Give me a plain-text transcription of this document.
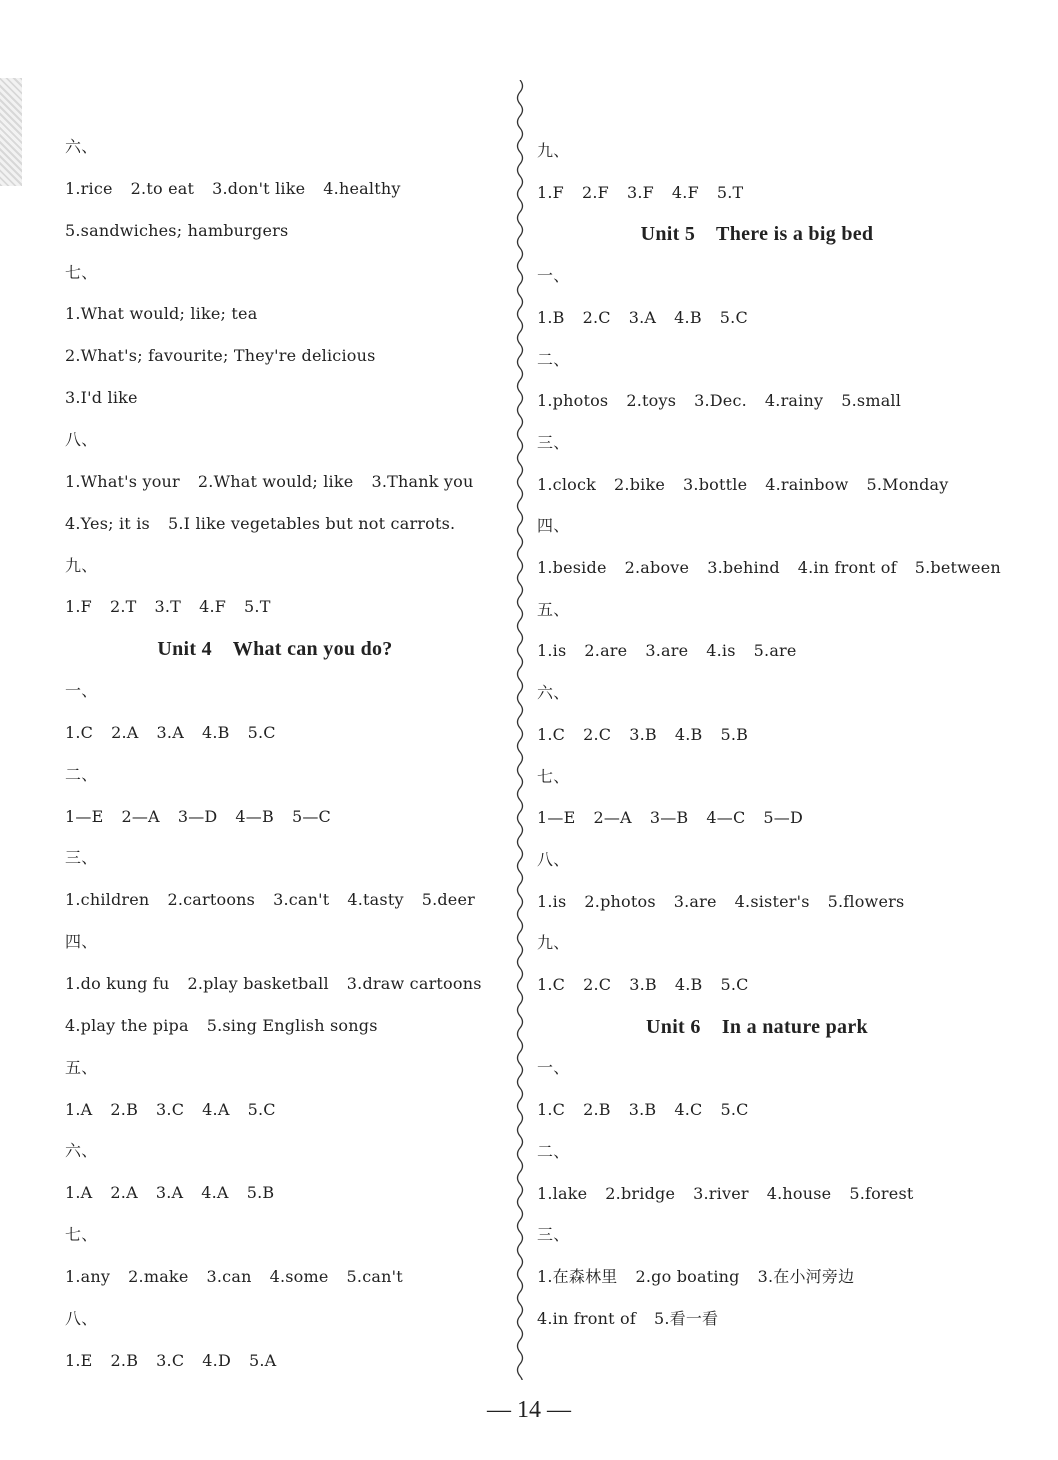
六、
1.rice 2.to eat 3.don't like 4.healthy
5.sandwiches; hamburgers
七、
1.What would; like; tea
2.What's; favourite; They're delicious
3.I'd like
八、
1.What's your 2.What would; like 3.Thank you
4.Yes; it is 5.I like vegetables but not carrots.
九、
1.F 2.T 3.T 4.F 5.T
Unit 4    What can you do?
一、
1.C 2.A 3.A 4.B 5.C
二、
1—E 2—A 3—D 4—B 5—C
三、
1.children 2.cartoons 3.can't 4.tasty 5.deer
四、
1.do kung fu 2.play basketball 3.draw cartoons
4.play the pipa 5.sing English songs
五、
1.A 2.B 3.C 4.A 5.C
六、
1.A 2.A 3.A 4.A 5.B
七、
1.any 2.make 3.can 4.some 5.can't
八、
1.E 2.B 3.C 4.D 5.A
九、
1.F 2.F 3.F 4.F 5.T
Unit 5    There is a big bed
一、
1.B 2.C 3.A 4.B 5.C
二、
1.photos 2.toys 3.Dec. 4.rainy 5.small
三、
1.clock 2.bike 3.bottle 4.rainbow 5.Monday
四、
1.beside 2.above 3.behind 4.in front of 5.between
五、
1.is 2.are 3.are 4.is 5.are
六、
1.C 2.C 3.B 4.B 5.B
七、
1—E 2—A 3—B 4—C 5—D
八、
1.is 2.photos 3.are 4.sister's 5.flowers
九、
1.C 2.C 3.B 4.B 5.C
Unit 6    In a nature park
一、
1.C 2.B 3.B 4.C 5.C
二、
1.lake 2.bridge 3.river 4.house 5.forest
三、
1.在森林里 2.go boating 3.在小河旁边
4.in front of 5.看一看
— 14 —
